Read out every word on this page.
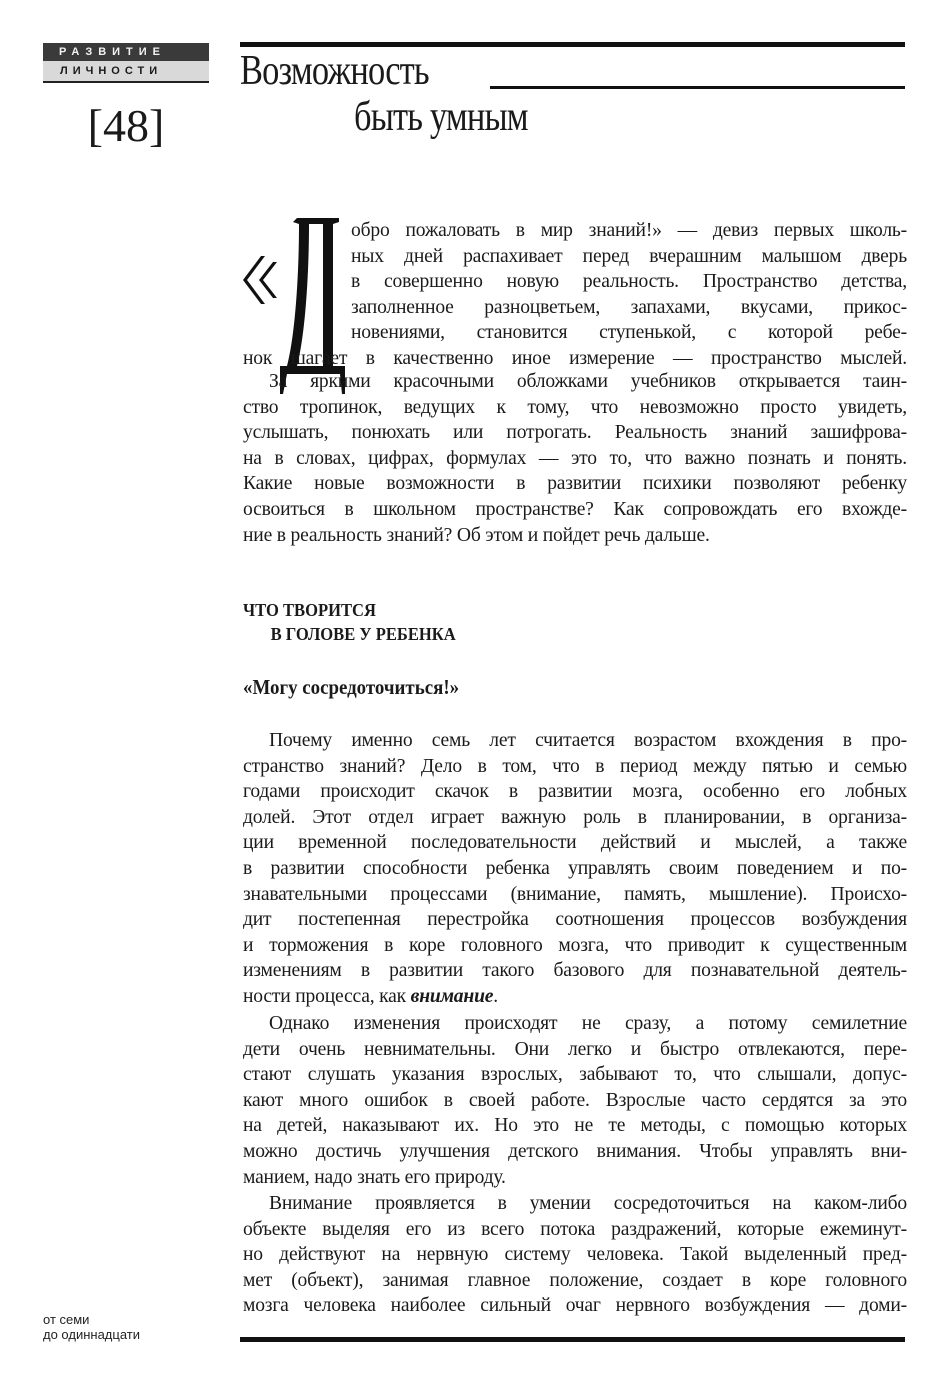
РАЗВИТИЕ
ЛИЧНОСТИ
[48]
Возможность
быть умным

обро пожаловать в мир знаний!» — девиз первых школь-
ных дней распахивает перед вчерашним малышом дверь
в совершенно новую реальность. Пространство детства,
заполненное разноцветьем, запахами, вкусами, прикос-
новениями, становится ступенькой, с которой ребе-
нок шагает в качественно иное измерение — пространство мыслей.

За яркими красочными обложками учебников открывается таин-
ство тропинок, ведущих к тому, что невозможно просто увидеть,
услышать, понюхать или потрогать. Реальность знаний зашифрова-
на в словах, цифрах, формулах — это то, что важно познать и понять.
Какие новые возможности в развитии психики позволяют ребенку
освоиться в школьном пространстве? Как сопровождать его вхожде-
ние в реальность знаний? Об этом и пойдет речь дальше.

ЧТО ТВОРИТСЯ
В ГОЛОВЕ У РЕБЕНКА
«Могу сосредоточиться!»

Почему именно семь лет считается возрастом вхождения в про-
странство знаний? Дело в том, что в период между пятью и семью
годами происходит скачок в развитии мозга, особенно его лобных
долей. Этот отдел играет важную роль в планировании, в организа-
ции временной последовательности действий и мыслей, а также
в развитии способности ребенка управлять своим поведением и по-
знавательными процессами (внимание, память, мышление). Происхо-
дит постепенная перестройка соотношения процессов возбуждения
и торможения в коре головного мозга, что приводит к существенным
изменениям в развитии такого базового для познавательной деятель-
ности процесса, как внимание.

Однако изменения происходят не сразу, а потому семилетние
дети очень невнимательны. Они легко и быстро отвлекаются, пере-
стают слушать указания взрослых, забывают то, что слышали, допус-
кают много ошибок в своей работе. Взрослые часто сердятся за это
на детей, наказывают их. Но это не те методы, с помощью которых
можно достичь улучшения детского внимания. Чтобы управлять вни-
манием, надо знать его природу.

Внимание проявляется в умении сосредоточиться на каком-либо
объекте выделяя его из всего потока раздражений, которые ежеминут-
но действуют на нервную систему человека. Такой выделенный пред-
мет (объект), занимая главное положение, создает в коре головного
мозга человека наиболее сильный очаг нервного возбуждения — доми-

от семи
до одиннадцати
